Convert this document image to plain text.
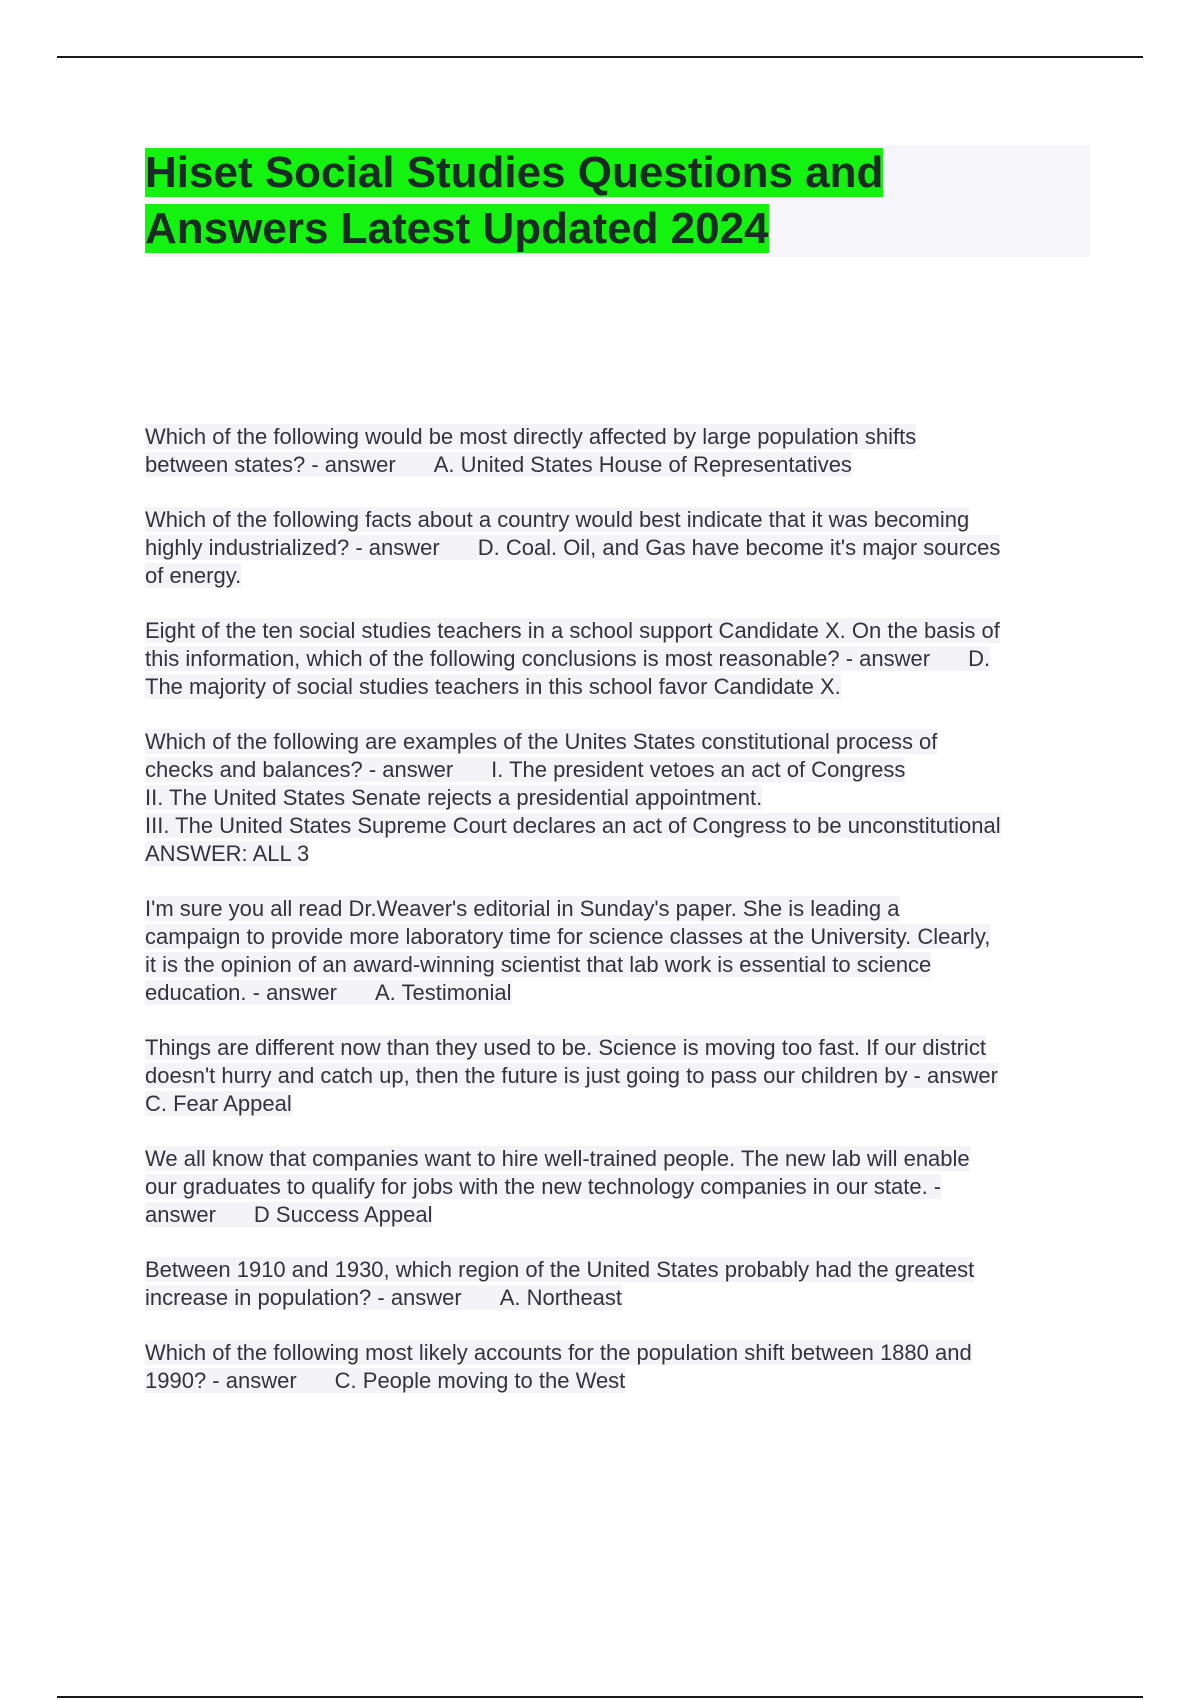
Hiset Social Studies Questions and
Answers Latest Updated 2024

Which of the following would be most directly affected by large population shifts
between states? - answer A. United States House of Representatives

Which of the following facts about a country would best indicate that it was becoming
highly industrialized? - answer D. Coal. Oil, and Gas have become it's major sources
of energy.

Eight of the ten social studies teachers in a school support Candidate X. On the basis of
this information, which of the following conclusions is most reasonable? - answer D.
The majority of social studies teachers in this school favor Candidate X.

Which of the following are examples of the Unites States constitutional process of
checks and balances? - answer I. The president vetoes an act of Congress
II. The United States Senate rejects a presidential appointment.
III. The United States Supreme Court declares an act of Congress to be unconstitutional
ANSWER: ALL 3

I'm sure you all read Dr.Weaver's editorial in Sunday's paper. She is leading a
campaign to provide more laboratory time for science classes at the University. Clearly,
it is the opinion of an award-winning scientist that lab work is essential to science
education. - answer A. Testimonial

Things are different now than they used to be. Science is moving too fast. If our district
doesn't hurry and catch up, then the future is just going to pass our children by - answer
C. Fear Appeal

We all know that companies want to hire well-trained people. The new lab will enable
our graduates to qualify for jobs with the new technology companies in our state. -
answer D Success Appeal

Between 1910 and 1930, which region of the United States probably had the greatest
increase in population? - answer A. Northeast

Which of the following most likely accounts for the population shift between 1880 and
1990? - answer C. People moving to the West
